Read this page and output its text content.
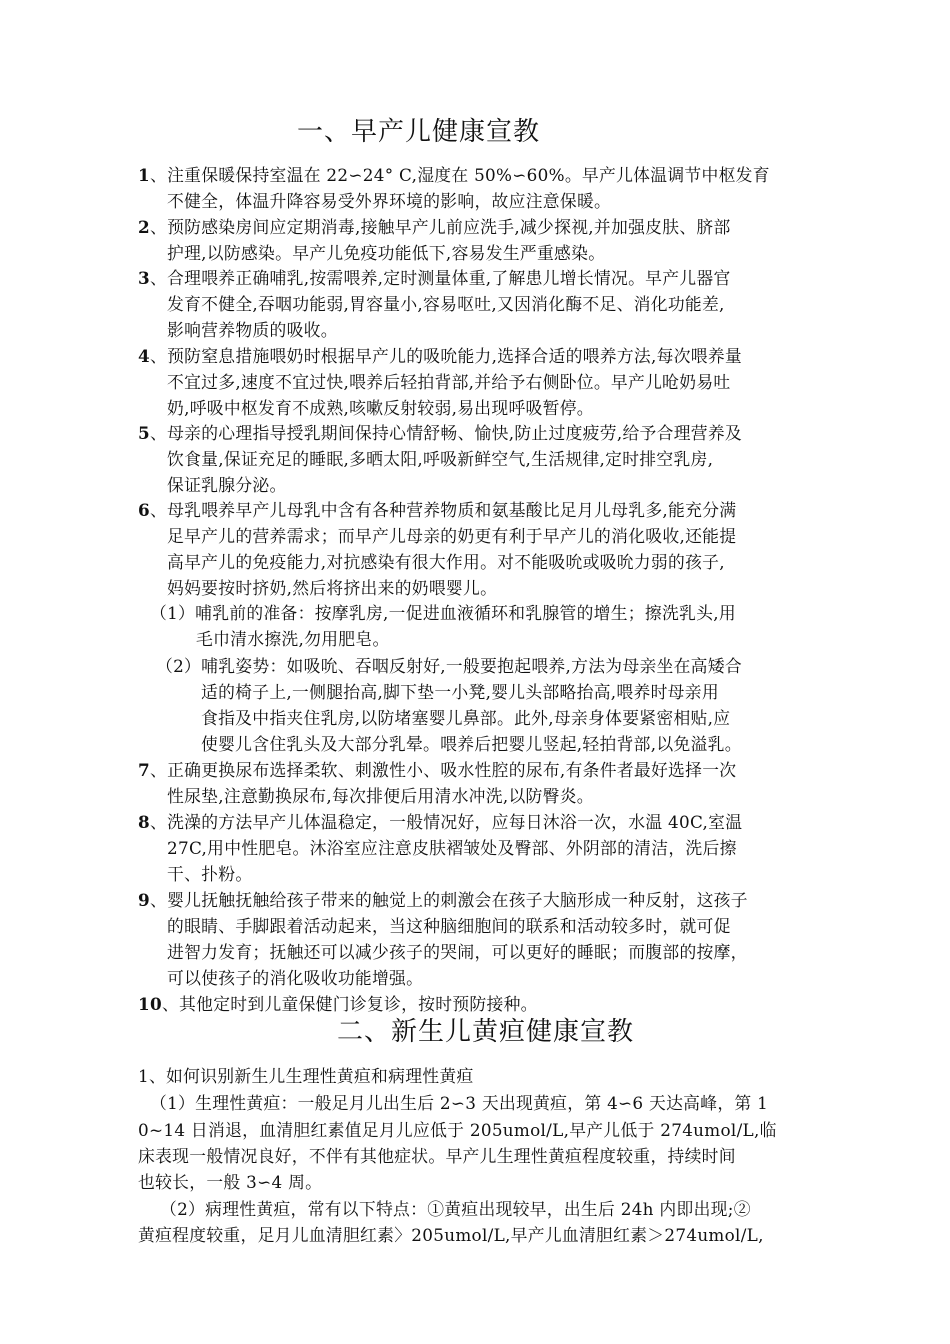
一、早产儿健康宣教
1、注重保暖保持室温在 22∽24° C,湿度在 50%∽60%。早产儿体温调节中枢发育
不健全，体温升降容易受外界环境的影响，故应注意保暖。
2、预防感染房间应定期消毒,接触早产儿前应洗手,减少探视,并加强皮肤、脐部
护理,以防感染。早产儿免疫功能低下,容易发生严重感染。
3、合理喂养正确哺乳,按需喂养,定时测量体重,了解患儿增长情况。早产儿器官
发育不健全,吞咽功能弱,胃容量小,容易呕吐,又因消化酶不足、消化功能差,
影响营养物质的吸收。
4、预防窒息措施喂奶时根据早产儿的吸吮能力,选择合适的喂养方法,每次喂养量
不宜过多,速度不宜过快,喂养后轻拍背部,并给予右侧卧位。早产儿呛奶易吐
奶,呼吸中枢发育不成熟,咳嗽反射较弱,易出现呼吸暂停。
5、母亲的心理指导授乳期间保持心情舒畅、愉快,防止过度疲劳,给予合理营养及
饮食量,保证充足的睡眠,多晒太阳,呼吸新鲜空气,生活规律,定时排空乳房,
保证乳腺分泌。
6、母乳喂养早产儿母乳中含有各种营养物质和氨基酸比足月儿母乳多,能充分满
足早产儿的营养需求；而早产儿母亲的奶更有利于早产儿的消化吸收,还能提
高早产儿的免疫能力,对抗感染有很大作用。对不能吸吮或吸吮力弱的孩子,
妈妈要按时挤奶,然后将挤出来的奶喂婴儿。
（1）哺乳前的准备：按摩乳房,一促进血液循环和乳腺管的增生；擦洗乳头,用
毛巾清水擦洗,勿用肥皂。
（2）哺乳姿势：如吸吮、吞咽反射好,一般要抱起喂养,方法为母亲坐在高矮合
适的椅子上,一侧腿抬高,脚下垫一小凳,婴儿头部略抬高,喂养时母亲用
食指及中指夹住乳房,以防堵塞婴儿鼻部。此外,母亲身体要紧密相贴,应
使婴儿含住乳头及大部分乳晕。喂养后把婴儿竖起,轻拍背部,以免溢乳。
7、正确更换尿布选择柔软、刺激性小、吸水性腔的尿布,有条件者最好选择一次
性尿垫,注意勤换尿布,每次排便后用清水冲洗,以防臀炎。
8、洗澡的方法早产儿体温稳定，一般情况好，应每日沐浴一次，水温 40C,室温
27C,用中性肥皂。沐浴室应注意皮肤褶皱处及臀部、外阴部的清洁，洗后擦
干、扑粉。
9、婴儿抚触抚触给孩子带来的触觉上的刺激会在孩子大脑形成一种反射，这孩子
的眼睛、手脚跟着活动起来，当这种脑细胞间的联系和活动较多时，就可促
进智力发育；抚触还可以减少孩子的哭闹，可以更好的睡眠；而腹部的按摩，
可以使孩子的消化吸收功能增强。
10、其他定时到儿童保健门诊复诊，按时预防接种。
二、新生儿黄疸健康宣教
1、如何识别新生儿生理性黄疸和病理性黄疸
（1）生理性黄疸：一般足月儿出生后 2∽3 天出现黄疸，第 4∽6 天达高峰，第 1
0~14 日消退，血清胆红素值足月儿应低于 205umol/L,早产儿低于 274umol/L,临
床表现一般情况良好，不伴有其他症状。早产儿生理性黄疸程度较重，持续时间
也较长，一般 3∽4 周。
（2）病理性黄疸，常有以下特点：①黄疸出现较早，出生后 24h 内即出现;②
黄疸程度较重，足月儿血清胆红素〉205umol/L,早产儿血清胆红素＞274umol/L,
